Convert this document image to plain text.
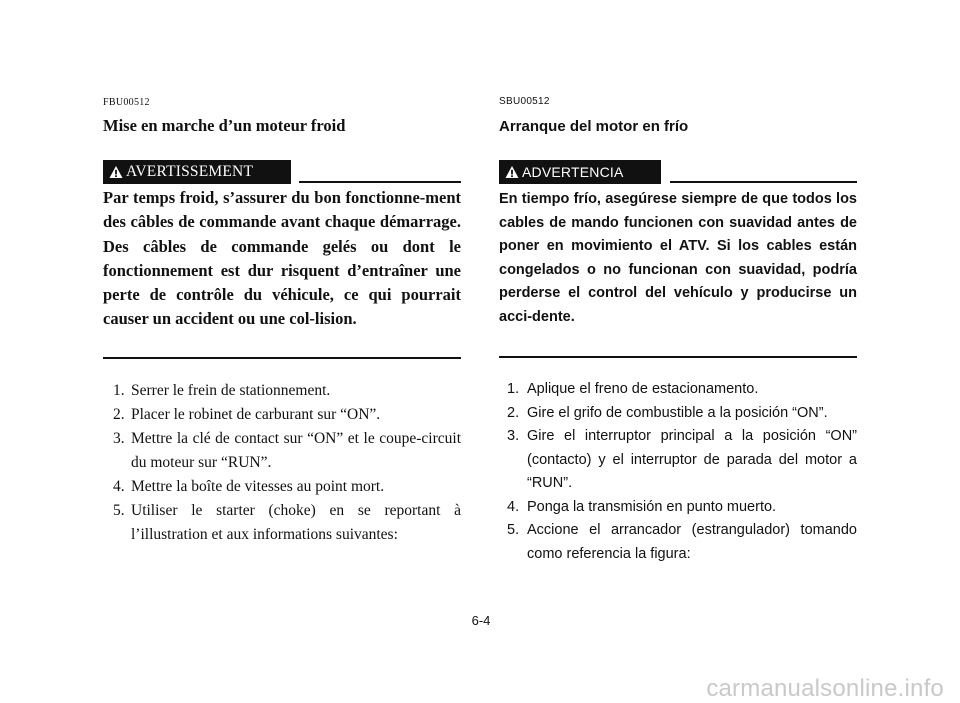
FBU00512
Mise en marche d’un moteur froid
AVERTISSEMENT
Par temps froid, s’assurer du bon fonctionne-ment des câbles de commande avant chaque démarrage. Des câbles de commande gelés ou dont le fonctionnement est dur risquent d’entraîner une perte de contrôle du véhicule, ce qui pourrait causer un accident ou une col-lision.
1. Serrer le frein de stationnement.
2. Placer le robinet de carburant sur “ON”.
3. Mettre la clé de contact sur “ON” et le coupe-circuit du moteur sur “RUN”.
4. Mettre la boîte de vitesses au point mort.
5. Utiliser le starter (choke) en se reportant à l’illustration et aux informations suivantes:
SBU00512
Arranque del motor en frío
ADVERTENCIA
En tiempo frío, asegúrese siempre de que todos los cables de mando funcionen con suavidad antes de poner en movimiento el ATV. Si los cables están congelados o no funcionan con suavidad, podría perderse el control del vehículo y producirse un acci-dente.
1. Aplique el freno de estacionamento.
2. Gire el grifo de combustible a la posición “ON”.
3. Gire el interruptor principal a la posición “ON” (contacto) y el interruptor de parada del motor a “RUN”.
4. Ponga la transmisión en punto muerto.
5. Accione el arrancador (estrangulador) tomando como referencia la figura:
6-4
carmanualsonline.info
